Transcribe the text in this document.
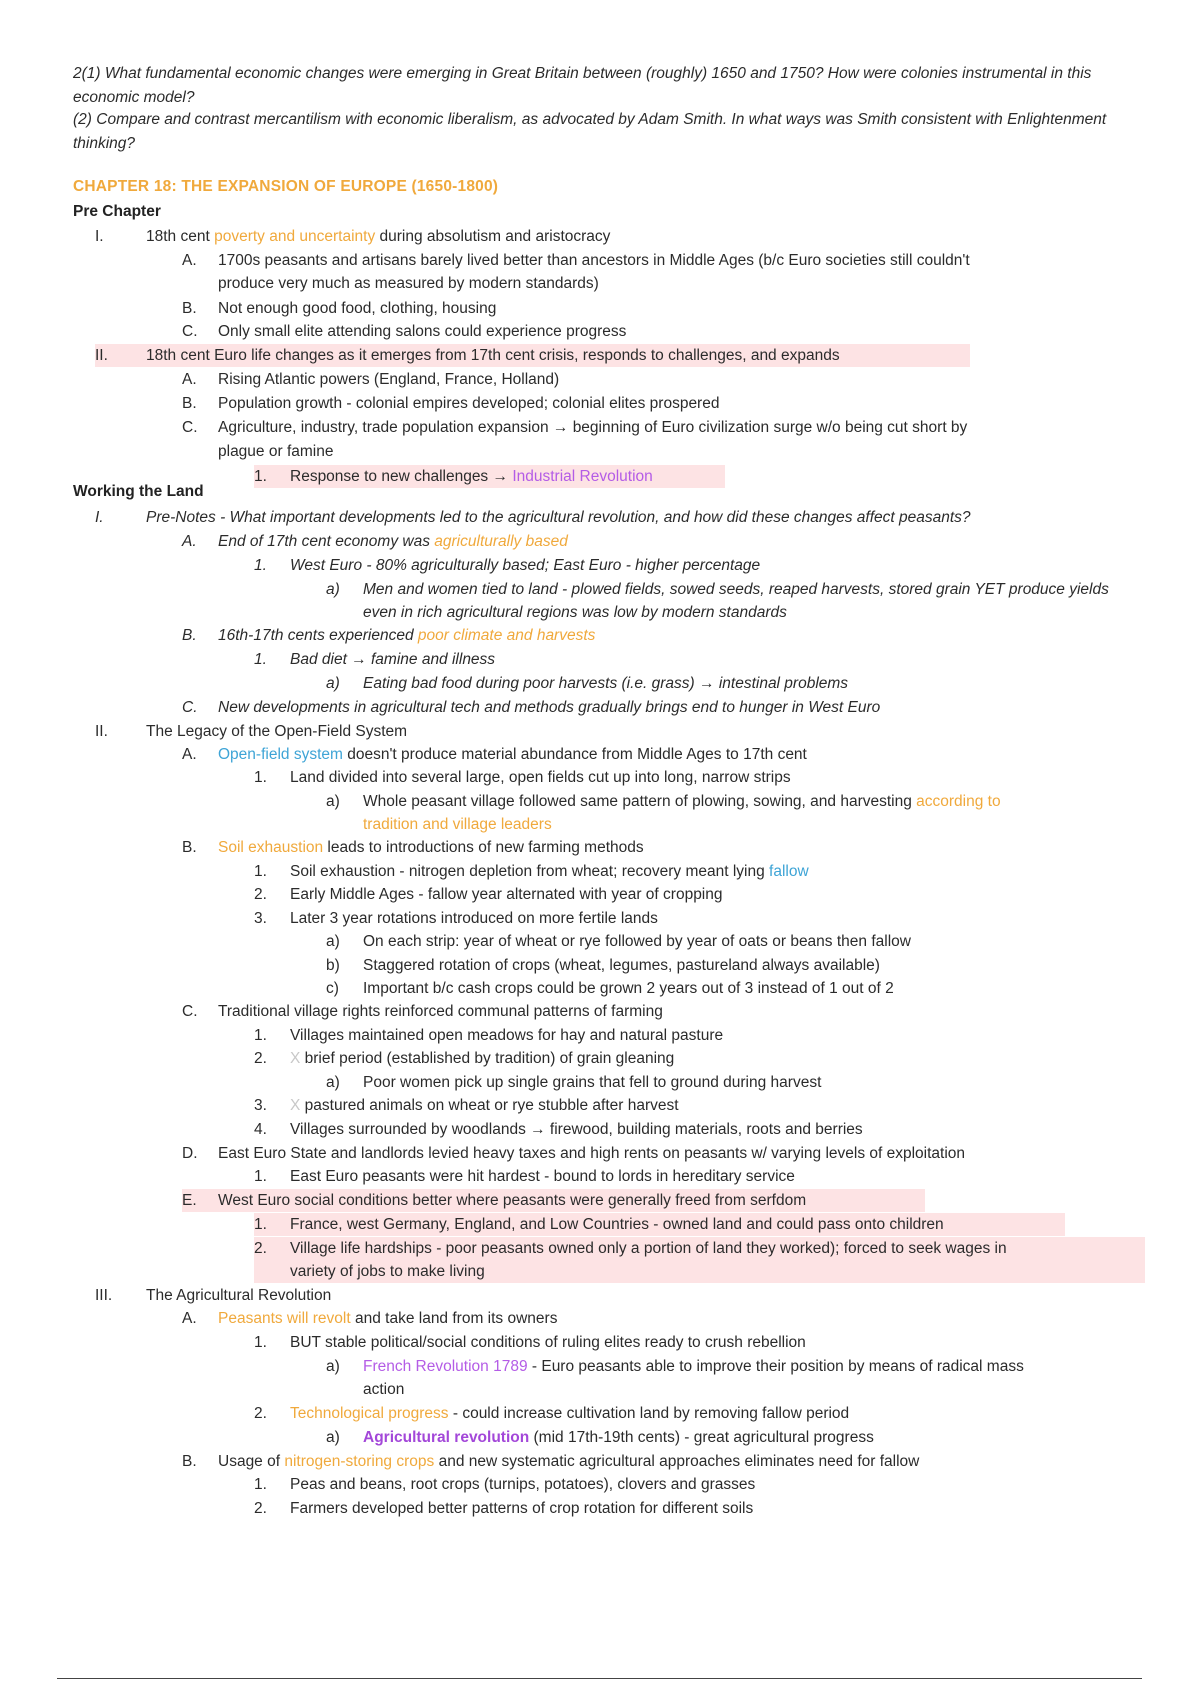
2(1) What fundamental economic changes were emerging in Great Britain between (roughly) 1650 and 1750? How were colonies instrumental in this economic model?

(2) Compare and contrast mercantilism with economic liberalism, as advocated by Adam Smith. In what ways was Smith consistent with Enlightenment thinking?

CHAPTER 18: THE EXPANSION OF EUROPE (1650-1800)
Pre Chapter
Working the Land
I.	18th cent poverty and uncertainty during absolutism and aristocracy
A. 1700s peasants and artisans barely lived better than ancestors in Middle Ages (b/c Euro societies still couldn't
produce very much as measured by modern standards)
B. Not enough good food, clothing, housing
C. Only small elite attending salons could experience progress
II. 18th cent Euro life changes as it emerges from 17th cent crisis, responds to challenges, and expands
A. Rising Atlantic powers (England, France, Holland)
B. Population growth - colonial empires developed; colonial elites prospered
C. Agriculture, industry, trade population expansion → beginning of Euro civilization surge w/o being cut short by
plague or famine
1. Response to new challenges → Industrial Revolution
I.	Pre-Notes - What important developments led to the agricultural revolution, and how did these changes affect peasants?
A. End of 17th cent economy was agriculturally based
1. West Euro - 80% agriculturally based; East Euro - higher percentage
a) Men and women tied to land - plowed fields, sowed seeds, reaped harvests, stored grain YET produce yields
even in rich agricultural regions was low by modern standards
B. 16th-17th cents experienced poor climate and harvests
1. Bad diet → famine and illness
a) Eating bad food during poor harvests (i.e. grass) → intestinal problems
C. New developments in agricultural tech and methods gradually brings end to hunger in West Euro
II. The Legacy of the Open-Field System
A. Open-field system doesn't produce material abundance from Middle Ages to 17th cent
1. Land divided into several large, open fields cut up into long, narrow strips
a) Whole peasant village followed same pattern of plowing, sowing, and harvesting according to
tradition and village leaders
B. Soil exhaustion leads to introductions of new farming methods
1. Soil exhaustion - nitrogen depletion from wheat; recovery meant lying fallow
2. Early Middle Ages - fallow year alternated with year of cropping
3. Later 3 year rotations introduced on more fertile lands
a) On each strip: year of wheat or rye followed by year of oats or beans then fallow
b) Staggered rotation of crops (wheat, legumes, pastureland always available)
c) Important b/c cash crops could be grown 2 years out of 3 instead of 1 out of 2
C. Traditional village rights reinforced communal patterns of farming
1. Villages maintained open meadows for hay and natural pasture
2. X brief period (established by tradition) of grain gleaning
a) Poor women pick up single grains that fell to ground during harvest
3. X pastured animals on wheat or rye stubble after harvest
4. Villages surrounded by woodlands → firewood, building materials, roots and berries
D. East Euro State and landlords levied heavy taxes and high rents on peasants w/ varying levels of exploitation
1. East Euro peasants were hit hardest - bound to lords in hereditary service
E. West Euro social conditions better where peasants were generally freed from serfdom
1. France, west Germany, England, and Low Countries - owned land and could pass onto children
2. Village life hardships - poor peasants owned only a portion of land they worked); forced to seek wages in
variety of jobs to make living
III. The Agricultural Revolution
A. Peasants will revolt and take land from its owners
1. BUT stable political/social conditions of ruling elites ready to crush rebellion
a) French Revolution 1789 - Euro peasants able to improve their position by means of radical mass
action
2. Technological progress - could increase cultivation land by removing fallow period
a) Agricultural revolution (mid 17th-19th cents) - great agricultural progress
B. Usage of nitrogen-storing crops and new systematic agricultural approaches eliminates need for fallow
1. Peas and beans, root crops (turnips, potatoes), clovers and grasses
2. Farmers developed better patterns of crop rotation for different soils
